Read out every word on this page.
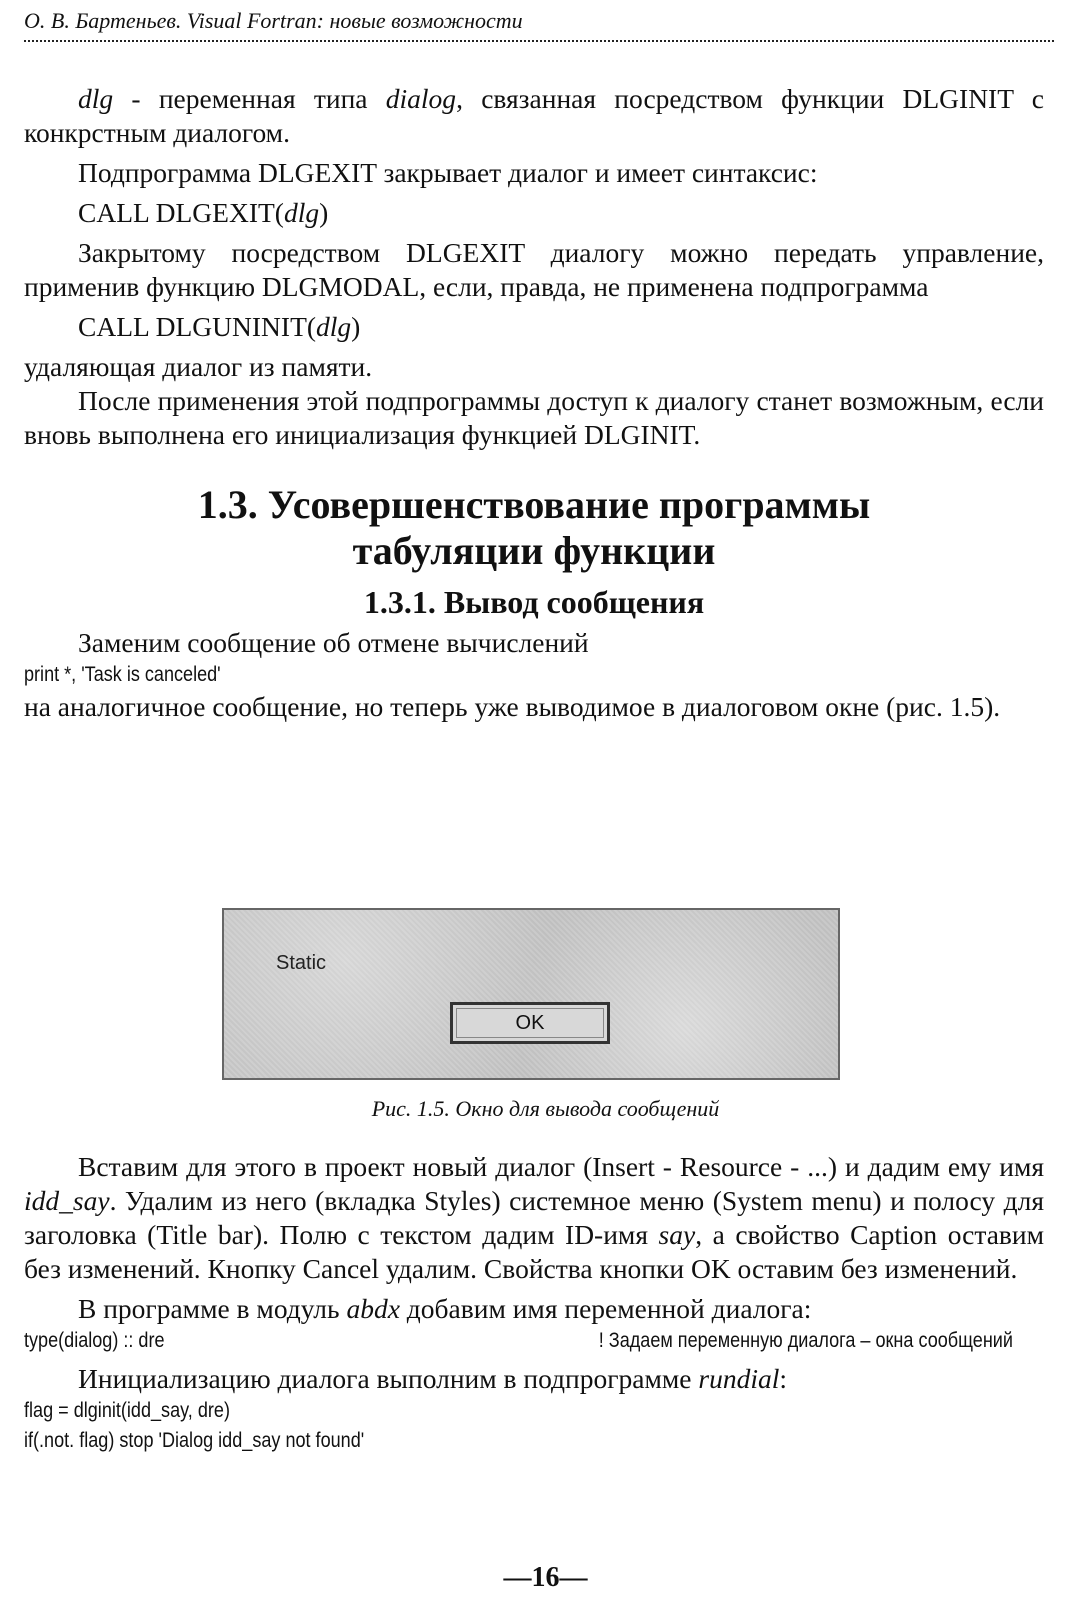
О. В. Бартеньев. Visual Fortran: новые возможности

dlg - переменная типа dialog, связанная посредством функции DLGINIT с конкрстным диалогом.

Подпрограмма DLGEXIT закрывает диалог и имеет синтаксис:

CALL DLGEXIT(dlg)

Закрытому посредством DLGEXIT диалогу можно передать управление, применив функцию DLGMODAL, если, правда, не применена подпрограмма

CALL DLGUNINIT(dlg)

удаляющая диалог из памяти.

После применения этой подпрограммы доступ к диалогу станет возможным, если вновь выполнена его инициализация функцией DLGINIT.

1.3. Усовершенствование программы
табуляции функции
1.3.1. Вывод сообщения

Заменим сообщение об отмене вычислений

print *, 'Task is canceled'

на аналогичное сообщение, но теперь уже выводимое в диалоговом окне (рис. 1.5).

Static
OK
Рис. 1.5. Окно для вывода сообщений

Вставим для этого в проект новый диалог (Insert - Resource - ...) и дадим ему имя idd_say. Удалим из него (вкладка Styles) системное меню (System menu) и полосу для заголовка (Title bar). Полю с текстом дадим ID-имя say, а свойство Caption оставим без изменений. Кнопку Cancel удалим. Свойства кнопки OK оставим без изменений.

В программе в модуль abdx добавим имя переменной диалога:

type(dialog) :: dre	! Задаем переменную диалога – окна сообщений

Инициализацию диалога выполним в подпрограмме rundial:

flag = dlginit(idd_say, dre)
if(.not. flag) stop 'Dialog idd_say not found'
—16—
